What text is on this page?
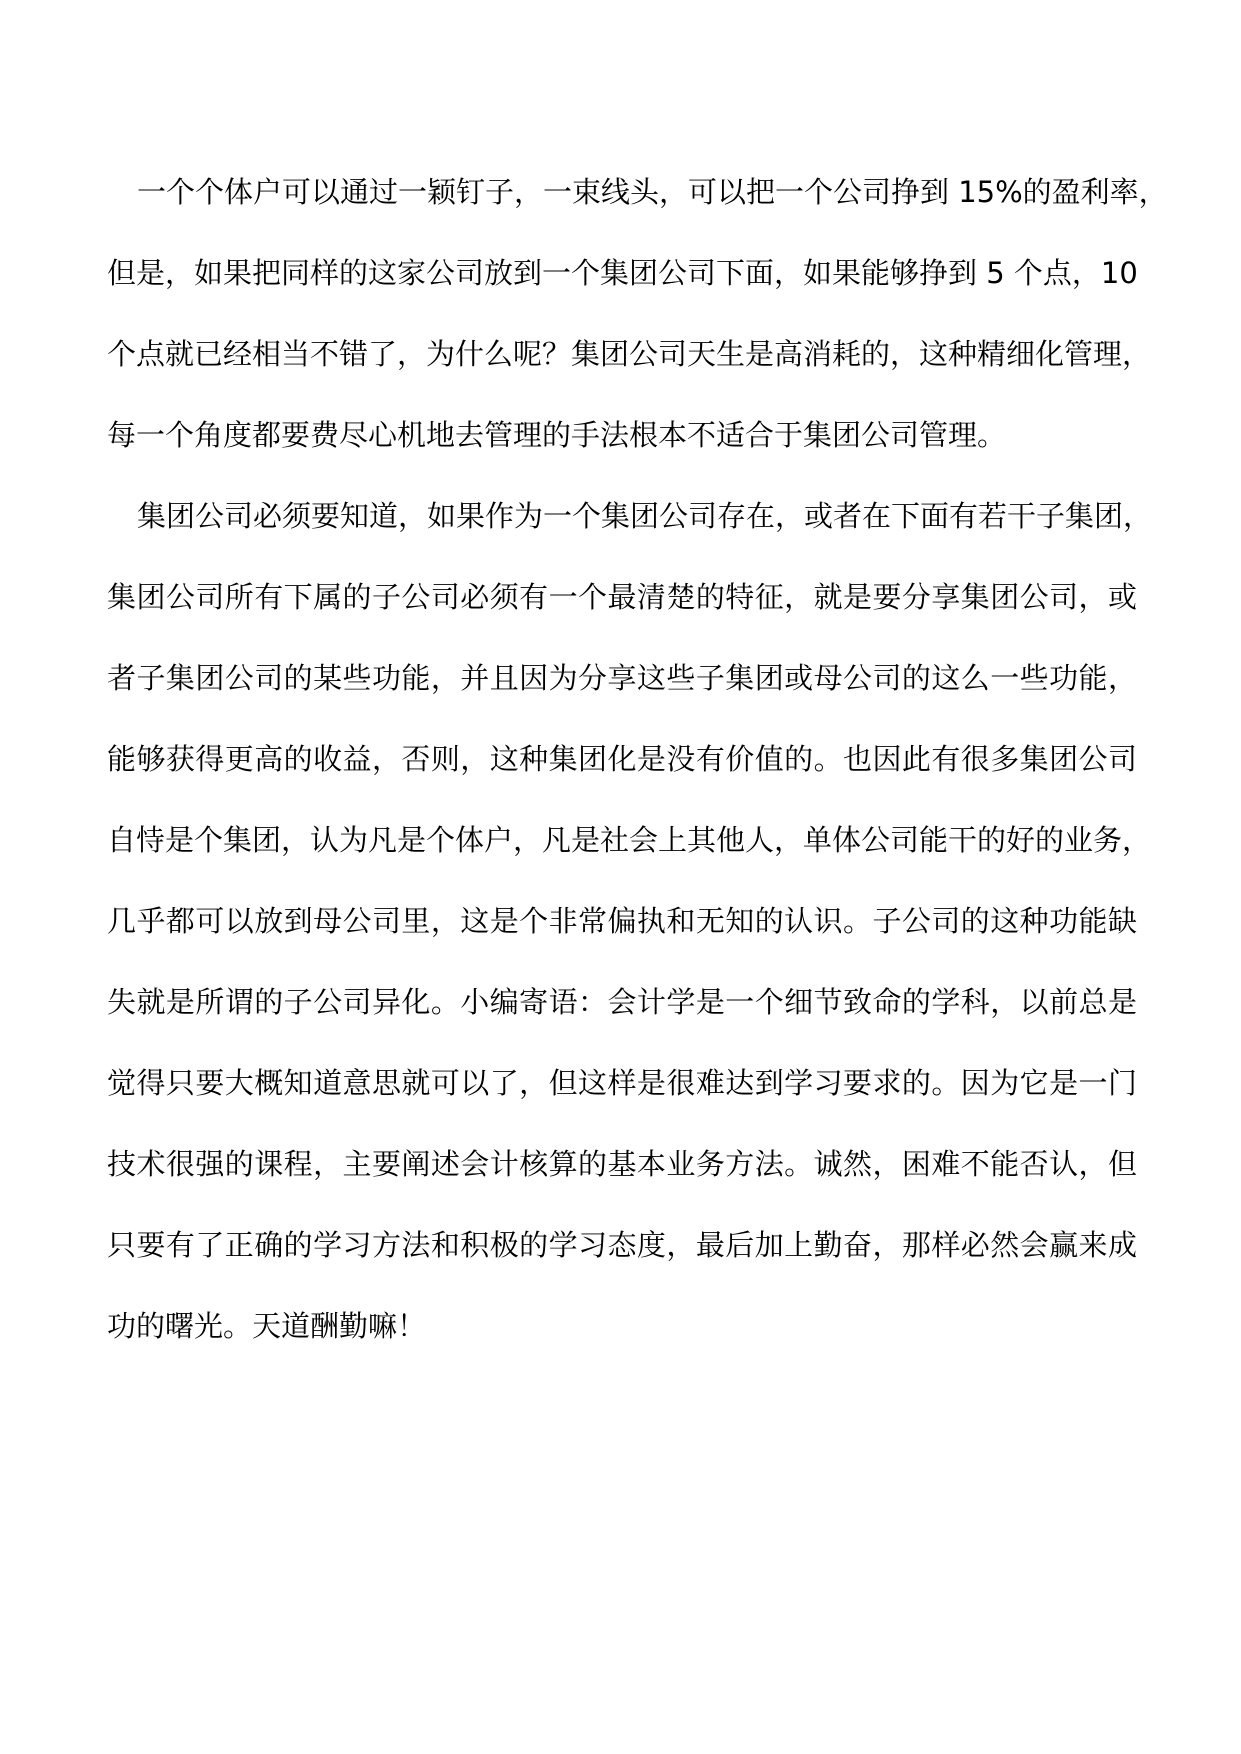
一个个体户可以通过一颖钉子，一束线头，可以把一个公司挣到 15%的盈利率，
但是，如果把同样的这家公司放到一个集团公司下面，如果能够挣到 5 个点，10
个点就已经相当不错了，为什么呢？集团公司天生是高消耗的，这种精细化管理，
每一个角度都要费尽心机地去管理的手法根本不适合于集团公司管理。
集团公司必须要知道，如果作为一个集团公司存在，或者在下面有若干子集团，
集团公司所有下属的子公司必须有一个最清楚的特征，就是要分享集团公司，或
者子集团公司的某些功能，并且因为分享这些子集团或母公司的这么一些功能，
能够获得更高的收益，否则，这种集团化是没有价值的。也因此有很多集团公司
自恃是个集团，认为凡是个体户，凡是社会上其他人，单体公司能干的好的业务，
几乎都可以放到母公司里，这是个非常偏执和无知的认识。子公司的这种功能缺
失就是所谓的子公司异化。小编寄语：会计学是一个细节致命的学科，以前总是
觉得只要大概知道意思就可以了，但这样是很难达到学习要求的。因为它是一门
技术很强的课程，主要阐述会计核算的基本业务方法。诚然，困难不能否认，但
只要有了正确的学习方法和积极的学习态度，最后加上勤奋，那样必然会赢来成
功的曙光。天道酬勤嘛！
